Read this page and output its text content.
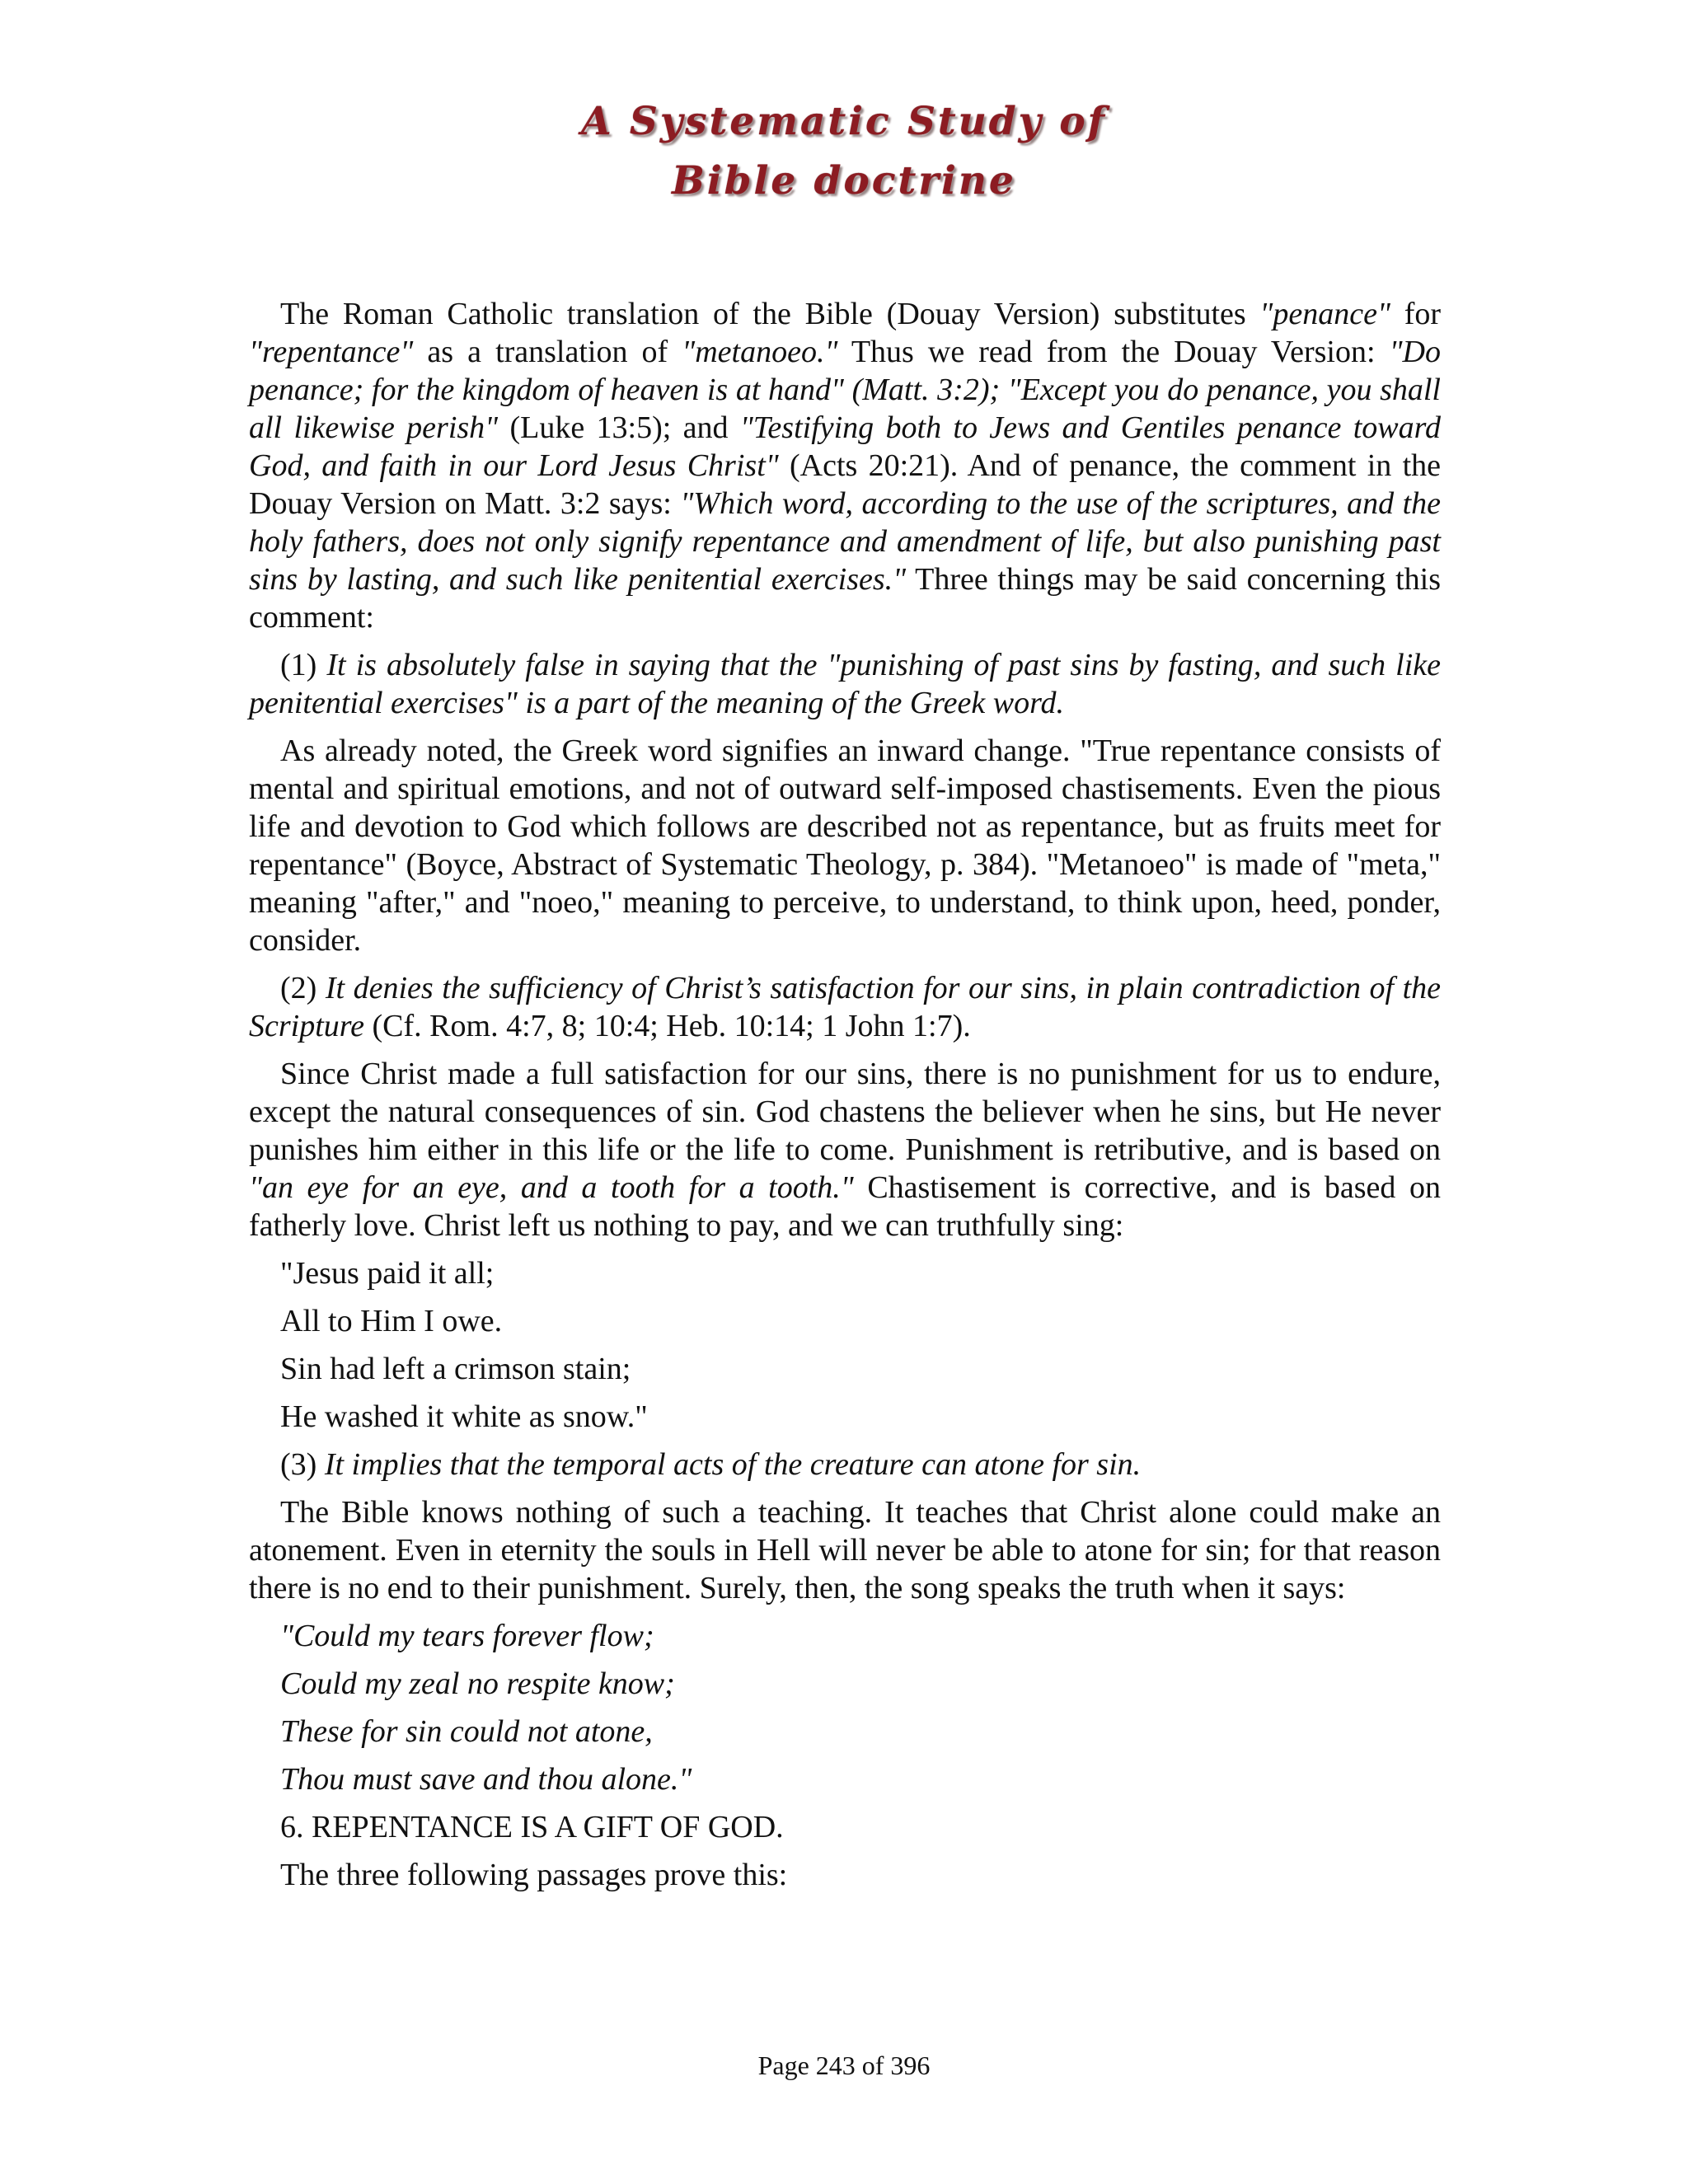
A Systematic Study of
Bible doctrine

The Roman Catholic translation of the Bible (Douay Version) substitutes "penance" for "repentance" as a translation of "metanoeo." Thus we read from the Douay Version: "Do penance; for the kingdom of heaven is at hand" (Matt. 3:2); "Except you do penance, you shall all likewise perish" (Luke 13:5); and "Testifying both to Jews and Gentiles penance toward God, and faith in our Lord Jesus Christ" (Acts 20:21). And of penance, the comment in the Douay Version on Matt. 3:2 says: "Which word, according to the use of the scriptures, and the holy fathers, does not only signify repentance and amendment of life, but also punishing past sins by lasting, and such like penitential exercises." Three things may be said concerning this comment:

(1) It is absolutely false in saying that the "punishing of past sins by fasting, and such like penitential exercises" is a part of the meaning of the Greek word.

As already noted, the Greek word signifies an inward change. "True repentance consists of mental and spiritual emotions, and not of outward self-imposed chastisements. Even the pious life and devotion to God which follows are described not as repentance, but as fruits meet for repentance" (Boyce, Abstract of Systematic Theology, p. 384). "Metanoeo" is made of "meta," meaning "after," and "noeo," meaning to perceive, to understand, to think upon, heed, ponder, consider.

(2) It denies the sufficiency of Christ’s satisfaction for our sins, in plain contradiction of the Scripture (Cf. Rom. 4:7, 8; 10:4; Heb. 10:14; 1 John 1:7).

Since Christ made a full satisfaction for our sins, there is no punishment for us to endure, except the natural consequences of sin. God chastens the believer when he sins, but He never punishes him either in this life or the life to come. Punishment is retributive, and is based on "an eye for an eye, and a tooth for a tooth." Chastisement is corrective, and is based on fatherly love. Christ left us nothing to pay, and we can truthfully sing:

"Jesus paid it all;

All to Him I owe.

Sin had left a crimson stain;

He washed it white as snow."

(3) It implies that the temporal acts of the creature can atone for sin.

The Bible knows nothing of such a teaching. It teaches that Christ alone could make an atonement. Even in eternity the souls in Hell will never be able to atone for sin; for that reason there is no end to their punishment. Surely, then, the song speaks the truth when it says:

"Could my tears forever flow;

Could my zeal no respite know;

These for sin could not atone,

Thou must save and thou alone."

6. REPENTANCE IS A GIFT OF GOD.

The three following passages prove this:

Page 243 of 396
